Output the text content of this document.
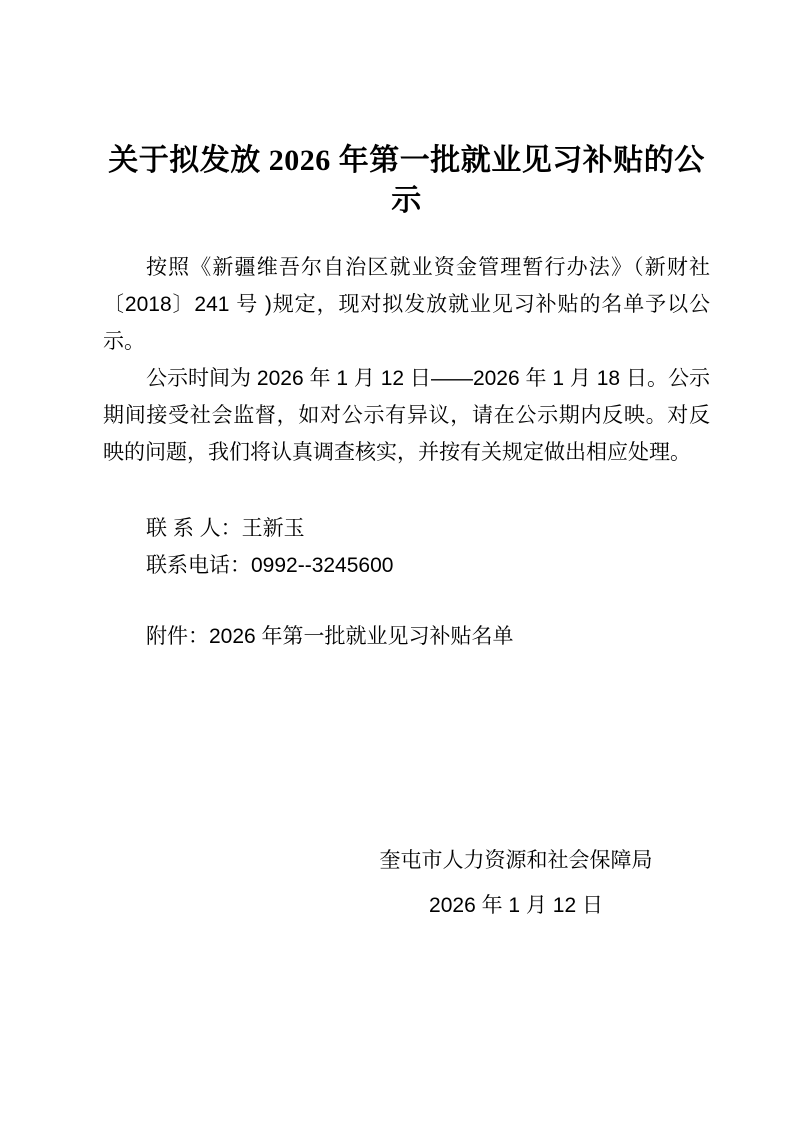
关于拟发放 2026 年第一批就业见习补贴的公示

按照《新疆维吾尔自治区就业资金管理暂行办法》（新财社〔2018〕241 号 )规定，现对拟发放就业见习补贴的名单予以公示。

公示时间为 2026 年 1 月 12 日——2026 年 1 月 18 日。公示期间接受社会监督，如对公示有异议，请在公示期内反映。对反映的问题，我们将认真调查核实，并按有关规定做出相应处理。

联 系 人：王新玉

联系电话：0992--3245600

附件：2026 年第一批就业见习补贴名单

奎屯市人力资源和社会保障局

2026 年 1 月 12 日
